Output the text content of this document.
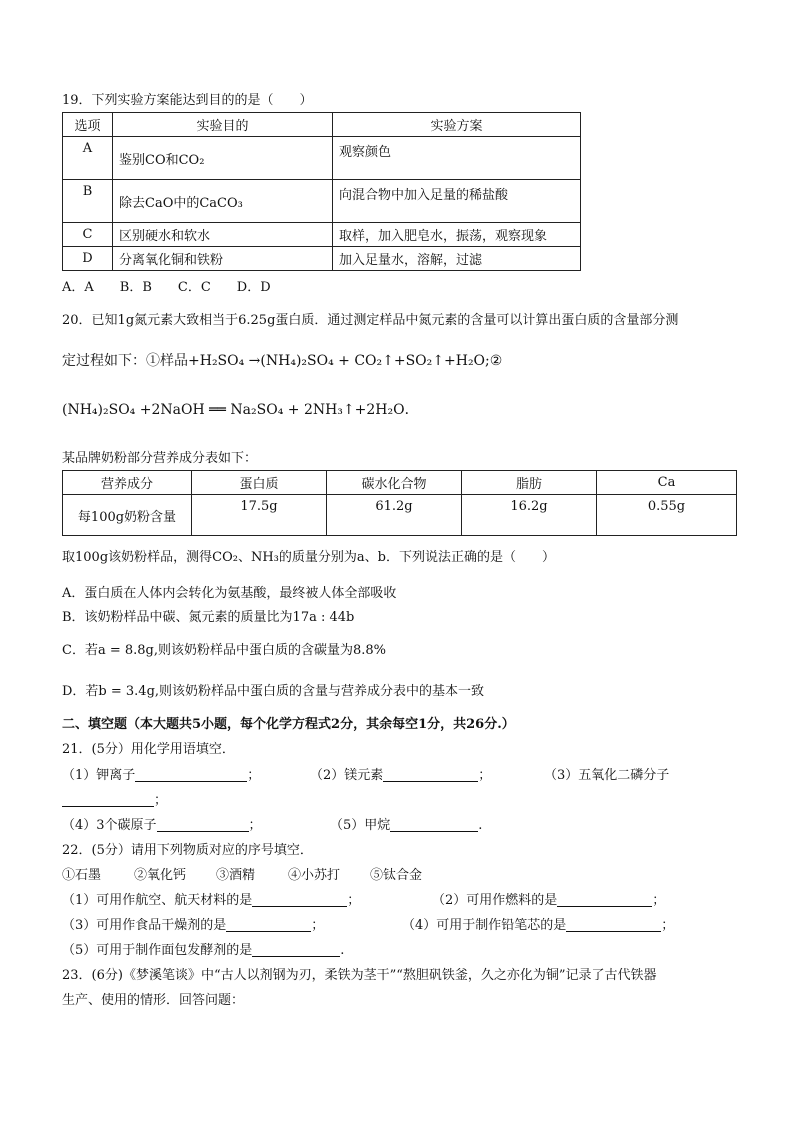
19．下列实验方案能达到目的的是（　　）
选项	实验目的	实验方案
A	鉴别CO和CO₂	观察颜色
B	除去CaO中的CaCO₃	向混合物中加入足量的稀盐酸
C	区别硬水和软水	取样，加入肥皂水，振荡，观察现象
D	分离氧化铜和铁粉	加入足量水，溶解，过滤
A．A　　B．B　　C．C　　D．D
20．已知1g氮元素大致相当于6.25g蛋白质．通过测定样品中氮元素的含量可以计算出蛋白质的含量部分测
定过程如下：①样品+H₂SO₄ →(NH₄)₂SO₄ + CO₂↑+SO₂↑+H₂O;②
(NH₄)₂SO₄ +2NaOH ══ Na₂SO₄ + 2NH₃↑+2H₂O．
某品牌奶粉部分营养成分表如下：
营养成分	蛋白质	碳水化合物	脂肪	Ca
每100g奶粉含量	17.5g	61.2g	16.2g	0.55g
取100g该奶粉样品，测得CO₂、NH₃的质量分别为a、b．下列说法正确的是（　　）
A．蛋白质在人体内会转化为氨基酸，最终被人体全部吸收
B．该奶粉样品中碳、氮元素的质量比为17a : 44b
C．若a = 8.8g,则该奶粉样品中蛋白质的含碳量为8.8%
D．若b = 3.4g,则该奶粉样品中蛋白质的含量与营养成分表中的基本一致
二、填空题（本大题共5小题，每个化学方程式2分，其余每空1分，共26分.）
21．(5分）用化学用语填空．
（1）钾离子	；	（2）镁元素	；	（3）五氧化二磷分子
；
（4）3个碳原子	；	（5）甲烷	.
22．(5分）请用下列物质对应的序号填空．
①石墨	②氧化钙 ③酒精	④小苏打 ⑤钛合金
（1）可用作航空、航天材料的是	；	（2）可用作燃料的是	；
（3）可用作食品干燥剂的是	；	（4）可用于制作铅笔芯的是	；
（5）可用于制作面包发酵剂的是	.
23．(6分)《梦溪笔谈》中“古人以剂钢为刃，柔铁为茎干”“熬胆矾铁釜，久之亦化为铜”记录了古代铁器
生产、使用的情形．回答问题：
